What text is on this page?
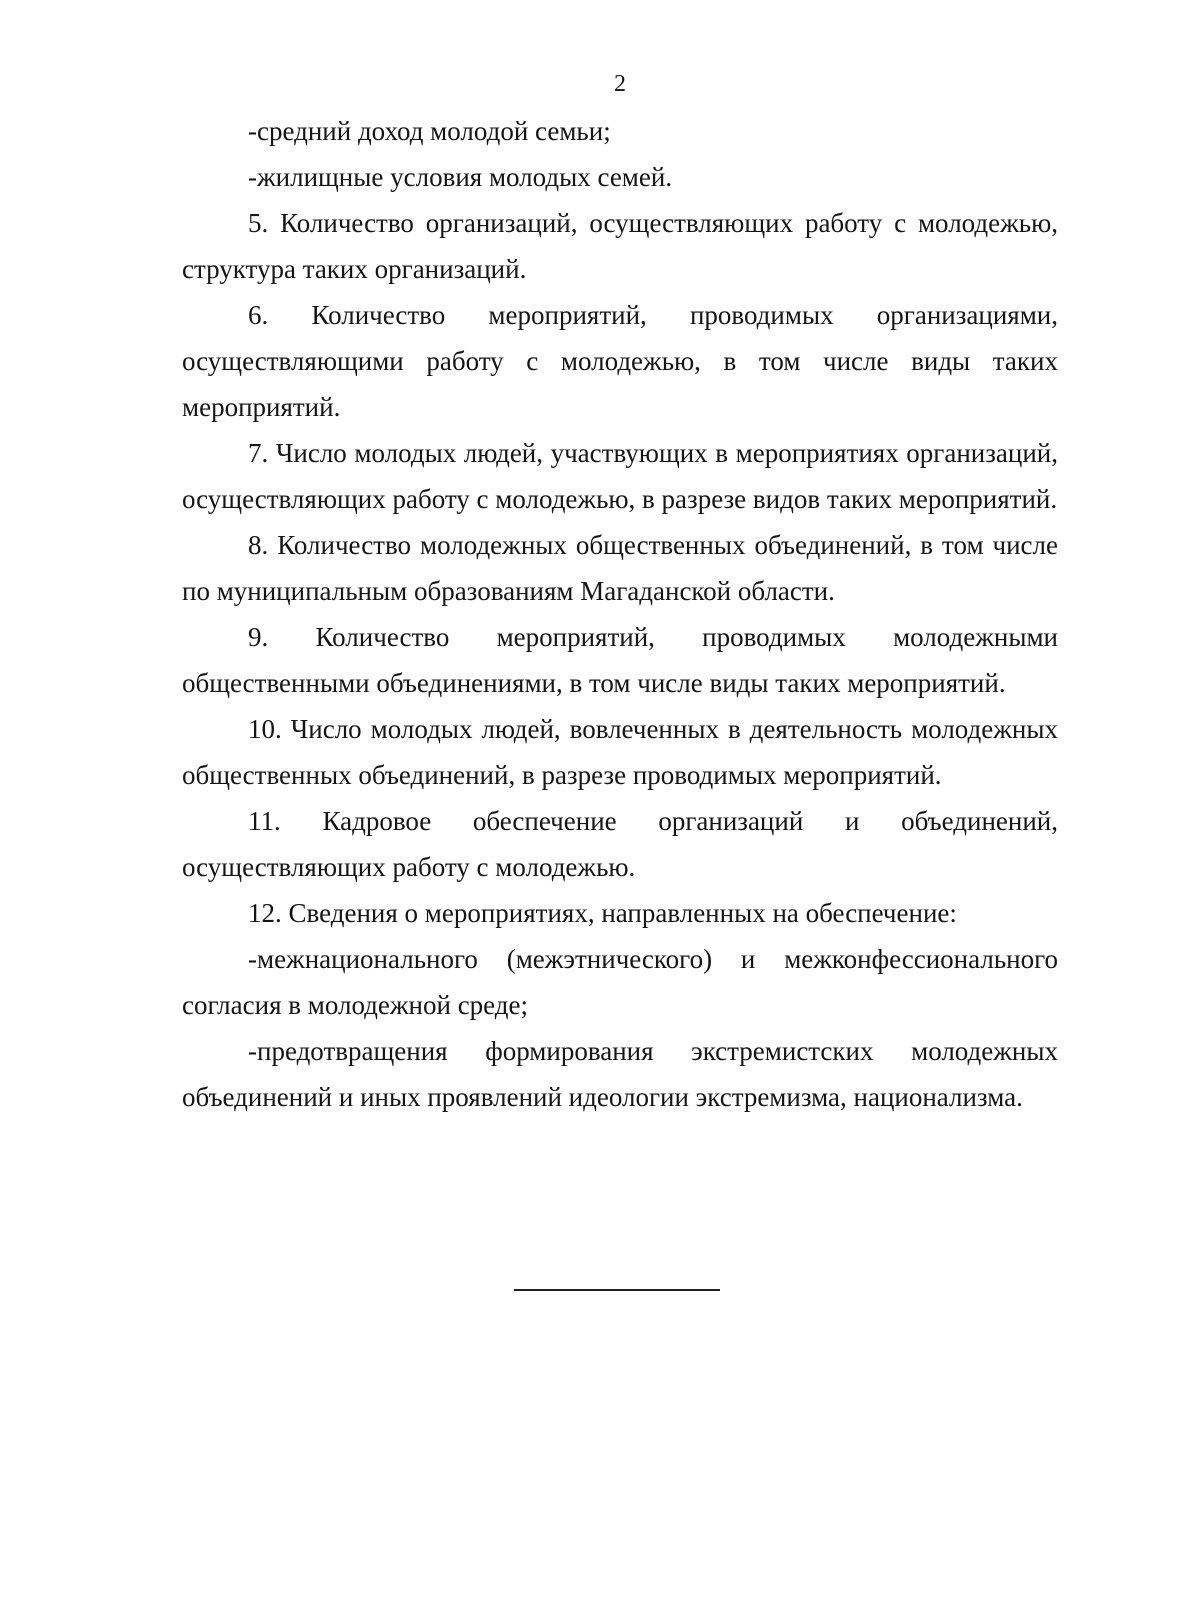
2

-средний доход молодой семьи;

-жилищные условия молодых семей.

5. Количество организаций, осуществляющих работу с молодежью, структура таких организаций.

6. Количество мероприятий, проводимых организациями, осуществляющими работу с молодежью, в том числе виды таких мероприятий.

7. Число молодых людей, участвующих в мероприятиях организаций, осуществляющих работу с молодежью, в разрезе видов таких мероприятий.

8. Количество молодежных общественных объединений, в том числе по муниципальным образованиям Магаданской области.

9. Количество мероприятий, проводимых молодежными общественными объединениями, в том числе виды таких мероприятий.

10. Число молодых людей, вовлеченных в деятельность молодежных общественных объединений, в разрезе проводимых мероприятий.

11. Кадровое обеспечение организаций и объединений, осуществляющих работу с молодежью.

12. Сведения о мероприятиях, направленных на обеспечение:

-межнационального (межэтнического) и межконфессионального согласия в молодежной среде;

-предотвращения формирования экстремистских молодежных объединений и иных проявлений идеологии экстремизма, национализма.
